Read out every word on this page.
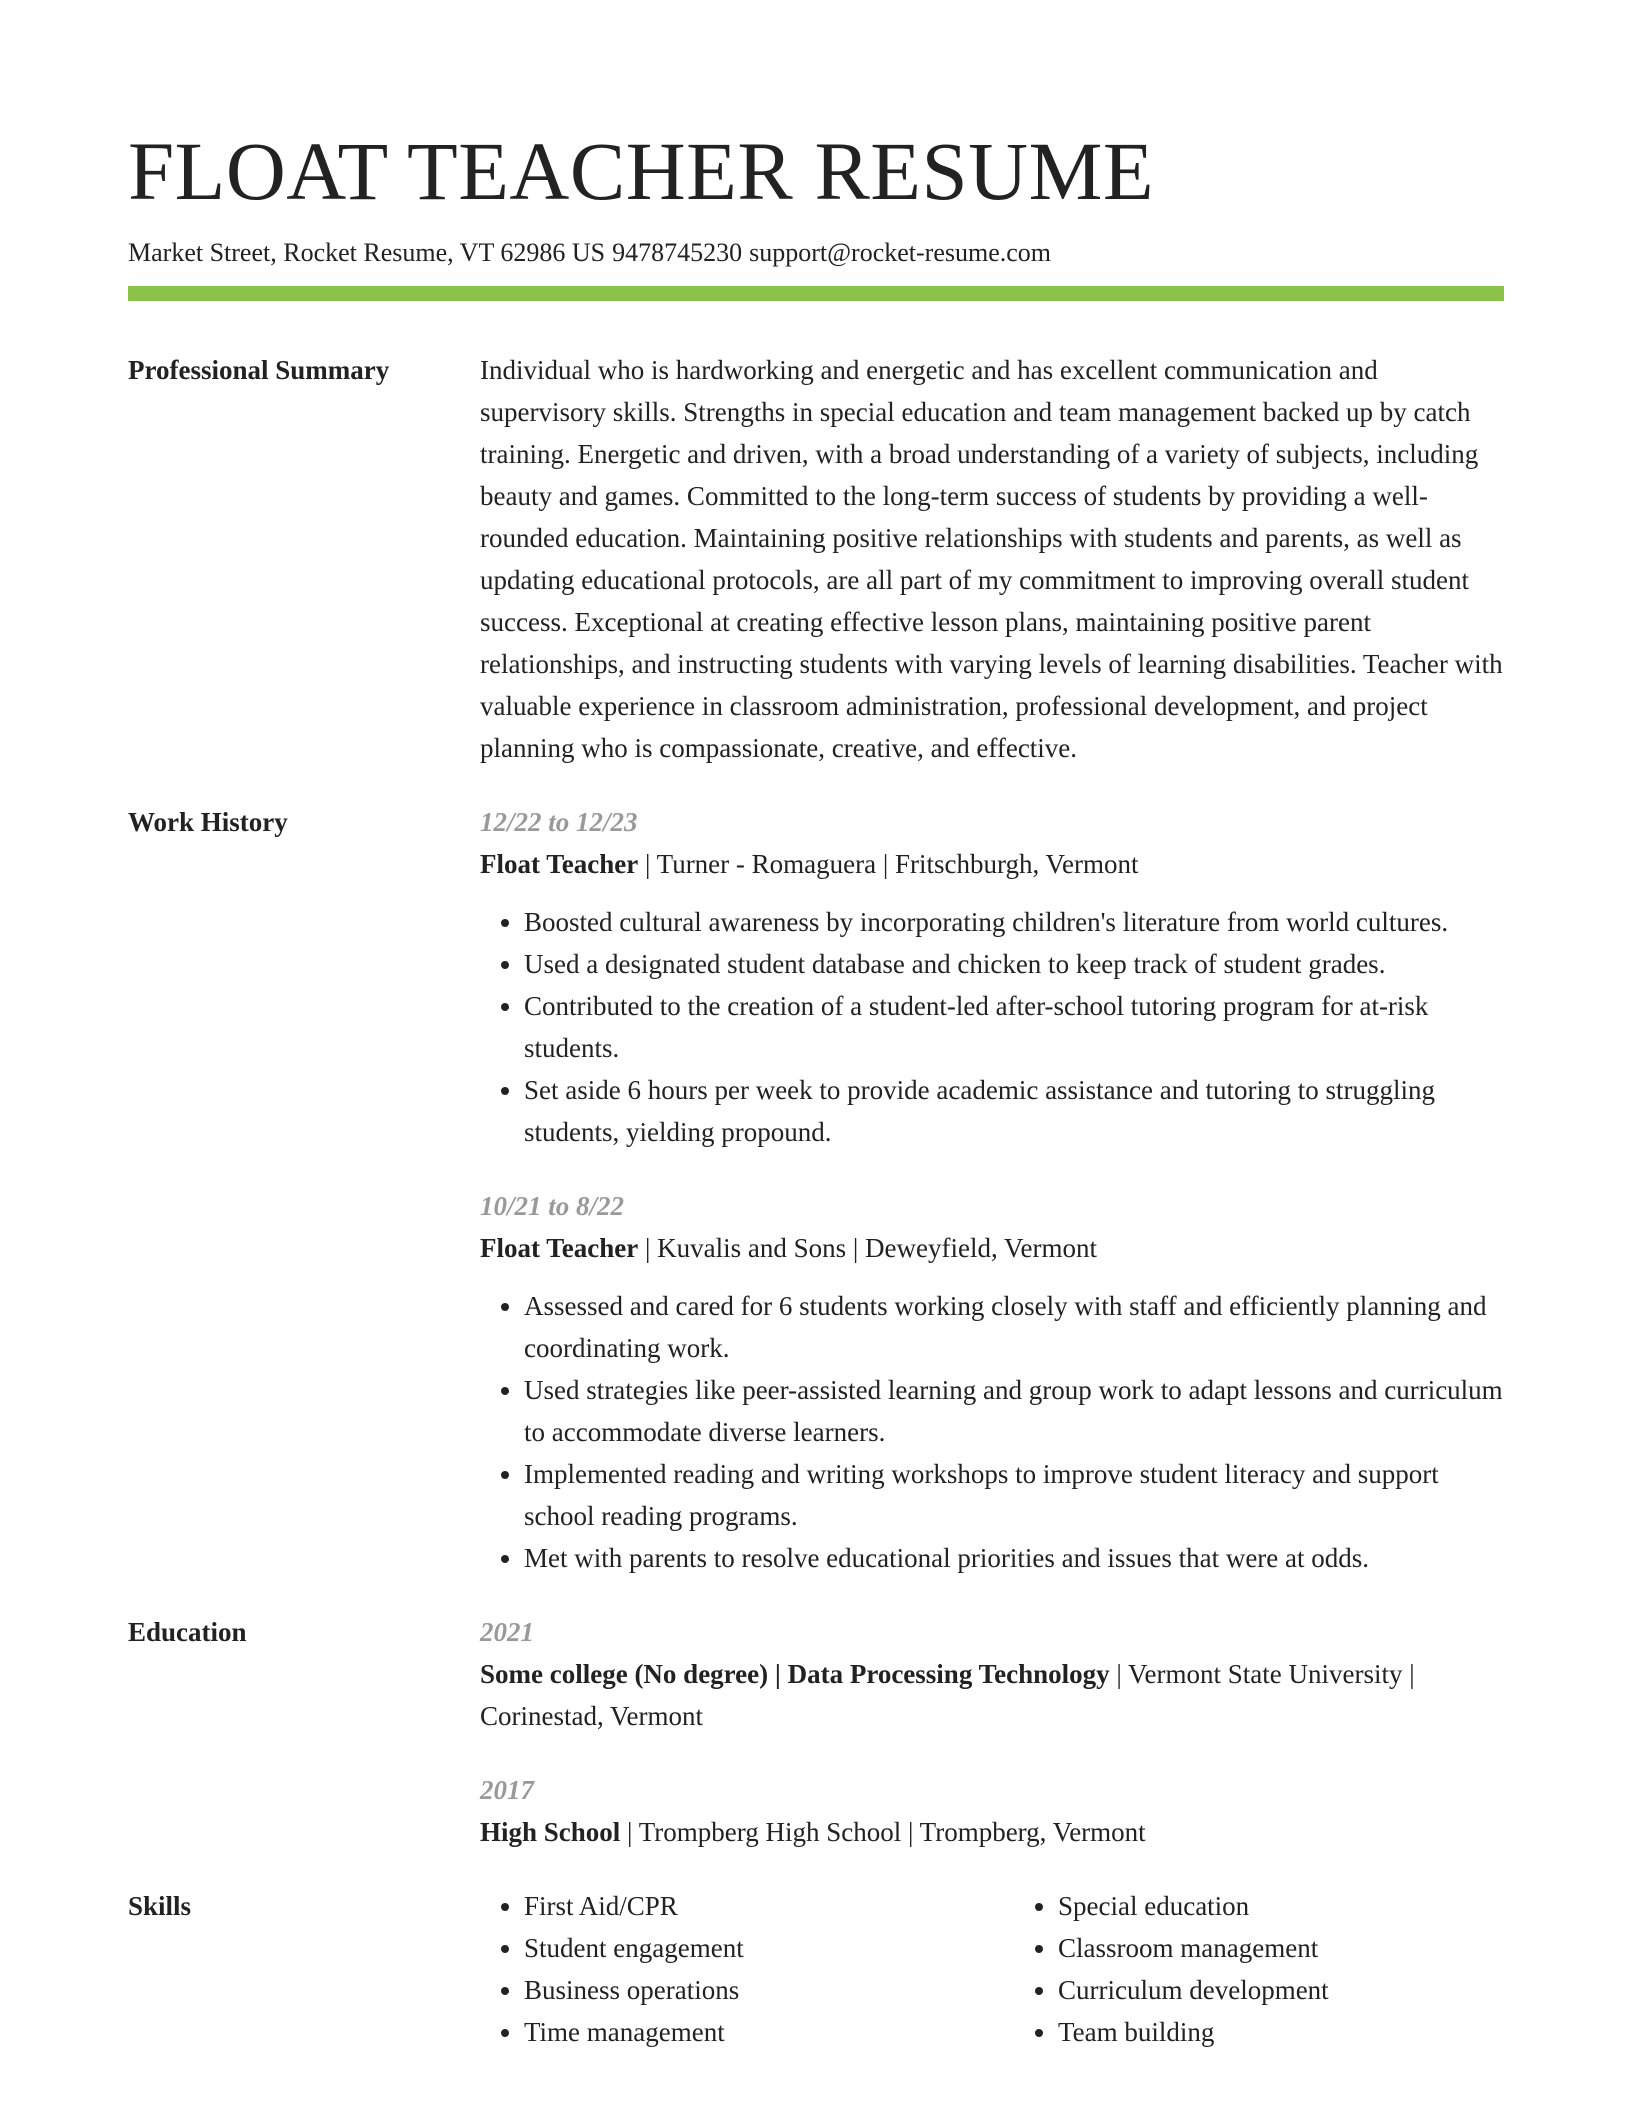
FLOAT TEACHER RESUME
Market Street, Rocket Resume, VT 62986 US 9478745230 support@rocket-resume.com
Professional Summary	Individual who is hardworking and energetic and has excellent communication and supervisory skills. Strengths in special education and team management backed up by catch training. Energetic and driven, with a broad understanding of a variety of subjects, including beauty and games. Committed to the long-term success of students by providing a well-rounded education. Maintaining positive relationships with students and parents, as well as updating educational protocols, are all part of my commitment to improving overall student success. Exceptional at creating effective lesson plans, maintaining positive parent relationships, and instructing students with varying levels of learning disabilities. Teacher with valuable experience in classroom administration, professional development, and project planning who is compassionate, creative, and effective.

Work History	12/22 to 12/23
Float Teacher | Turner - Romaguera | Fritschburgh, Vermont
• Boosted cultural awareness by incorporating children's literature from world cultures.
• Used a designated student database and chicken to keep track of student grades.
• Contributed to the creation of a student-led after-school tutoring program for at-risk students.
• Set aside 6 hours per week to provide academic assistance and tutoring to struggling students, yielding propound.
10/21 to 8/22
Float Teacher | Kuvalis and Sons | Deweyfield, Vermont
• Assessed and cared for 6 students working closely with staff and efficiently planning and coordinating work.
• Used strategies like peer-assisted learning and group work to adapt lessons and curriculum to accommodate diverse learners.
• Implemented reading and writing workshops to improve student literacy and support school reading programs.
• Met with parents to resolve educational priorities and issues that were at odds.
Education	2021
Some college (No degree) | Data Processing Technology | Vermont State University | Corinestad, Vermont
2017
High School | Trompberg High School | Trompberg, Vermont
Skills
•	First Aid/CPR
• Student engagement
• Business operations
• Time management
• Special education
• Classroom management
• Curriculum development
• Team building
